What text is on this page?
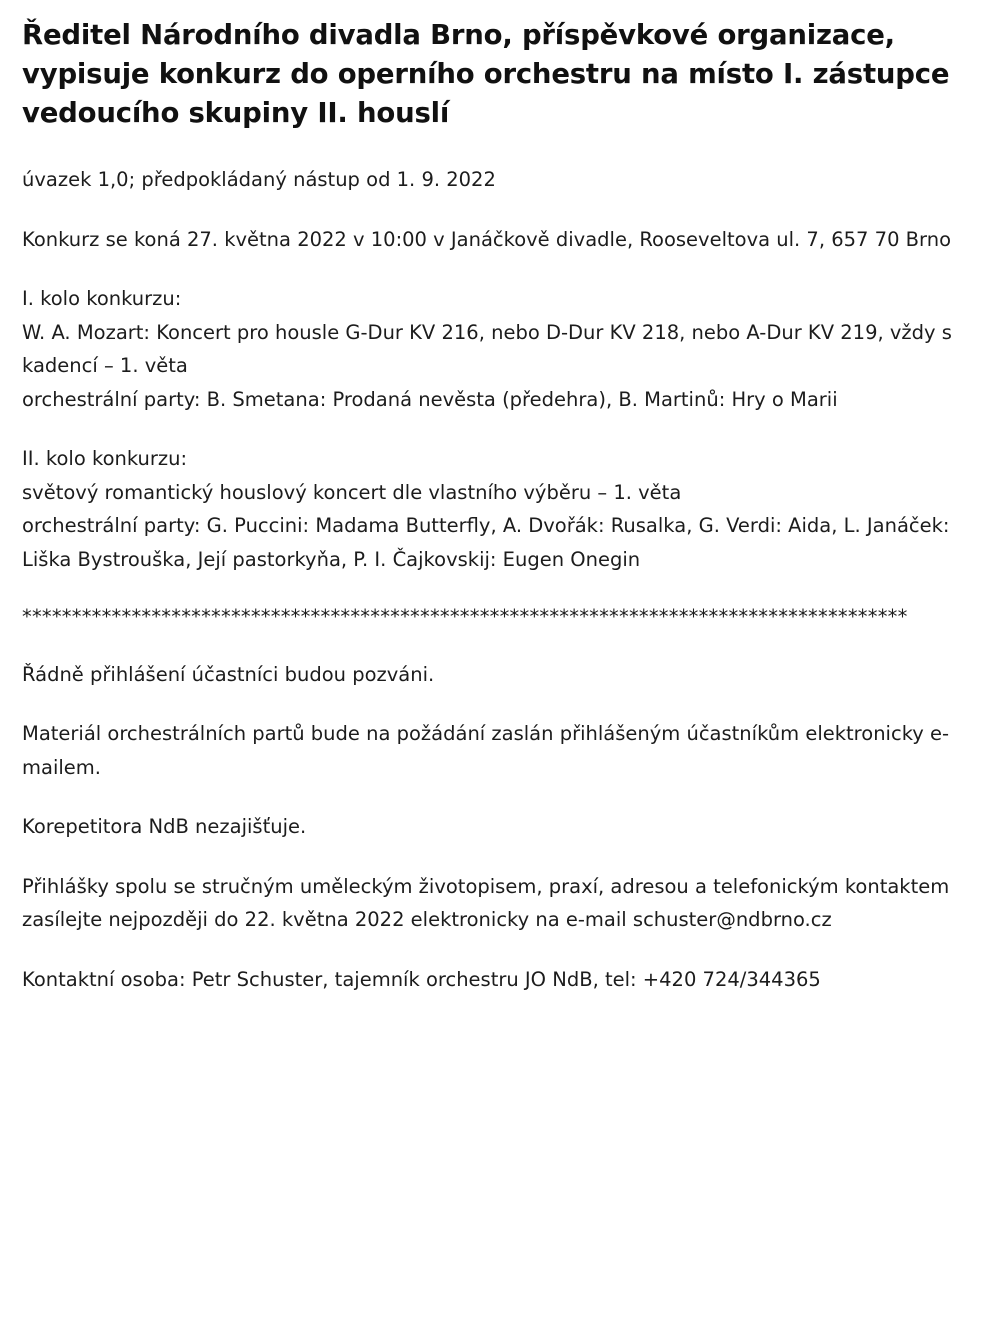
Ředitel Národního divadla Brno, příspěvkové organizace, vypisuje konkurz do operního orchestru na místo I. zástupce vedoucího skupiny II. houslí

úvazek 1,0; předpokládaný nástup od 1. 9. 2022

Konkurz se koná 27. května 2022 v 10:00 v Janáčkově divadle, Rooseveltova ul. 7, 657 70 Brno

I. kolo konkurzu:
W. A. Mozart: Koncert pro housle G-Dur KV 216, nebo D-Dur KV 218, nebo A-Dur KV 219, vždy s kadencí – 1. věta
orchestrální party: B. Smetana: Prodaná nevěsta (předehra), B. Martinů: Hry o Marii
II. kolo konkurzu:
světový romantický houslový koncert dle vlastního výběru – 1. věta
orchestrální party: G. Puccini: Madama Butterfly, A. Dvořák: Rusalka, G. Verdi: Aida, L. Janáček: Liška Bystrouška, Její pastorkyňa, P. I. Čajkovskij: Eugen Onegin
*****************************************************************************************

Řádně přihlášení účastníci budou pozváni.

Materiál orchestrálních partů bude na požádání zaslán přihlášeným účastníkům elektronicky e-mailem.

Korepetitora NdB nezajišťuje.

Přihlášky spolu se stručným uměleckým životopisem, praxí, adresou a telefonickým kontaktem
zasílejte nejpozději do 22. května 2022 elektronicky na e-mail schuster@ndbrno.cz

Kontaktní osoba: Petr Schuster, tajemník orchestru JO NdB, tel: +420 724/344365
